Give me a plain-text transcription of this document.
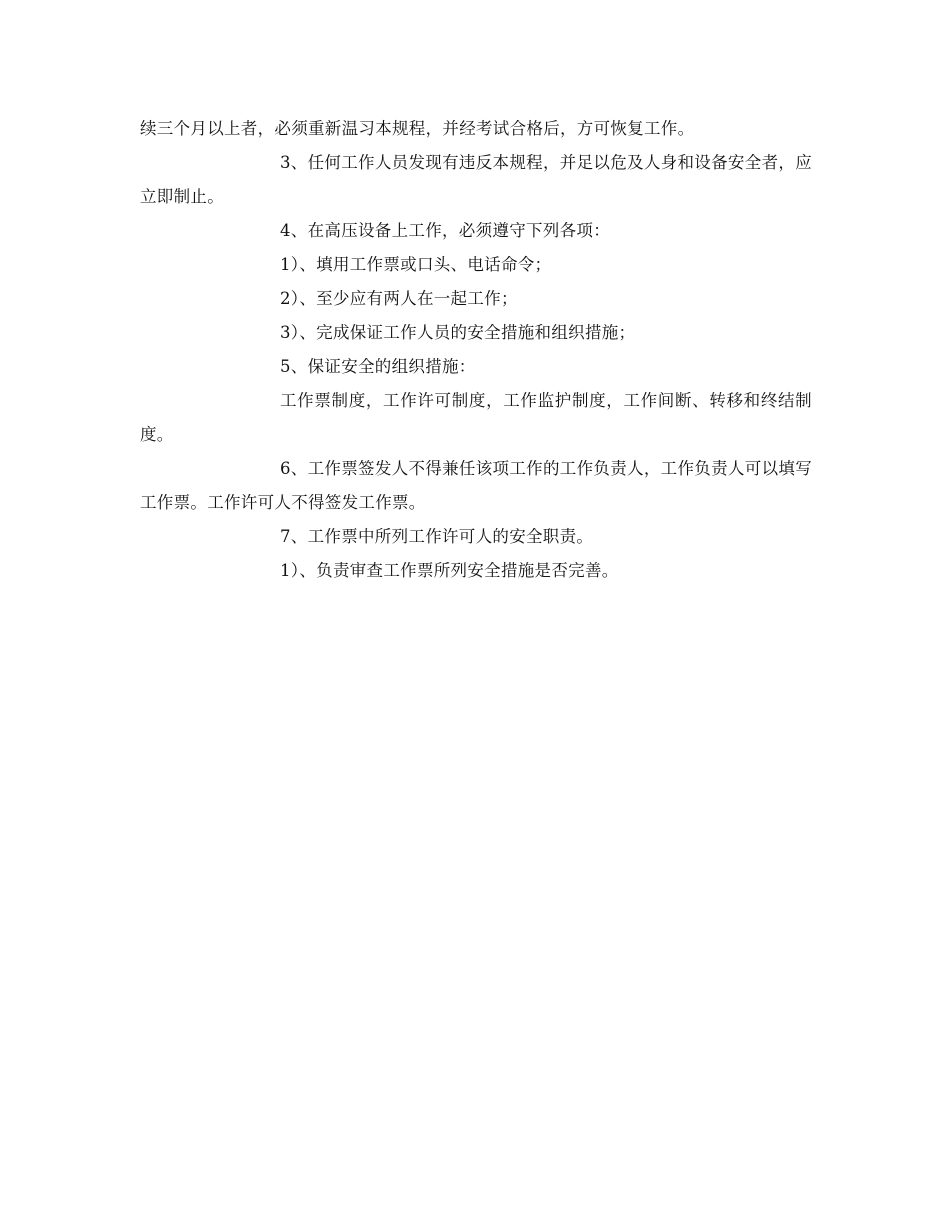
续三个月以上者，必须重新温习本规程，并经考试合格后，方可恢复工作。

3、任何工作人员发现有违反本规程，并足以危及人身和设备安全者，应立即制止。

4、在高压设备上工作，必须遵守下列各项：

1）、填用工作票或口头、电话命令；

2）、至少应有两人在一起工作；

3）、完成保证工作人员的安全措施和组织措施；

5、保证安全的组织措施：

工作票制度，工作许可制度，工作监护制度，工作间断、转移和终结制度。

6、工作票签发人不得兼任该项工作的工作负责人，工作负责人可以填写工作票。工作许可人不得签发工作票。

7、工作票中所列工作许可人的安全职责。

1）、负责审查工作票所列安全措施是否完善。
